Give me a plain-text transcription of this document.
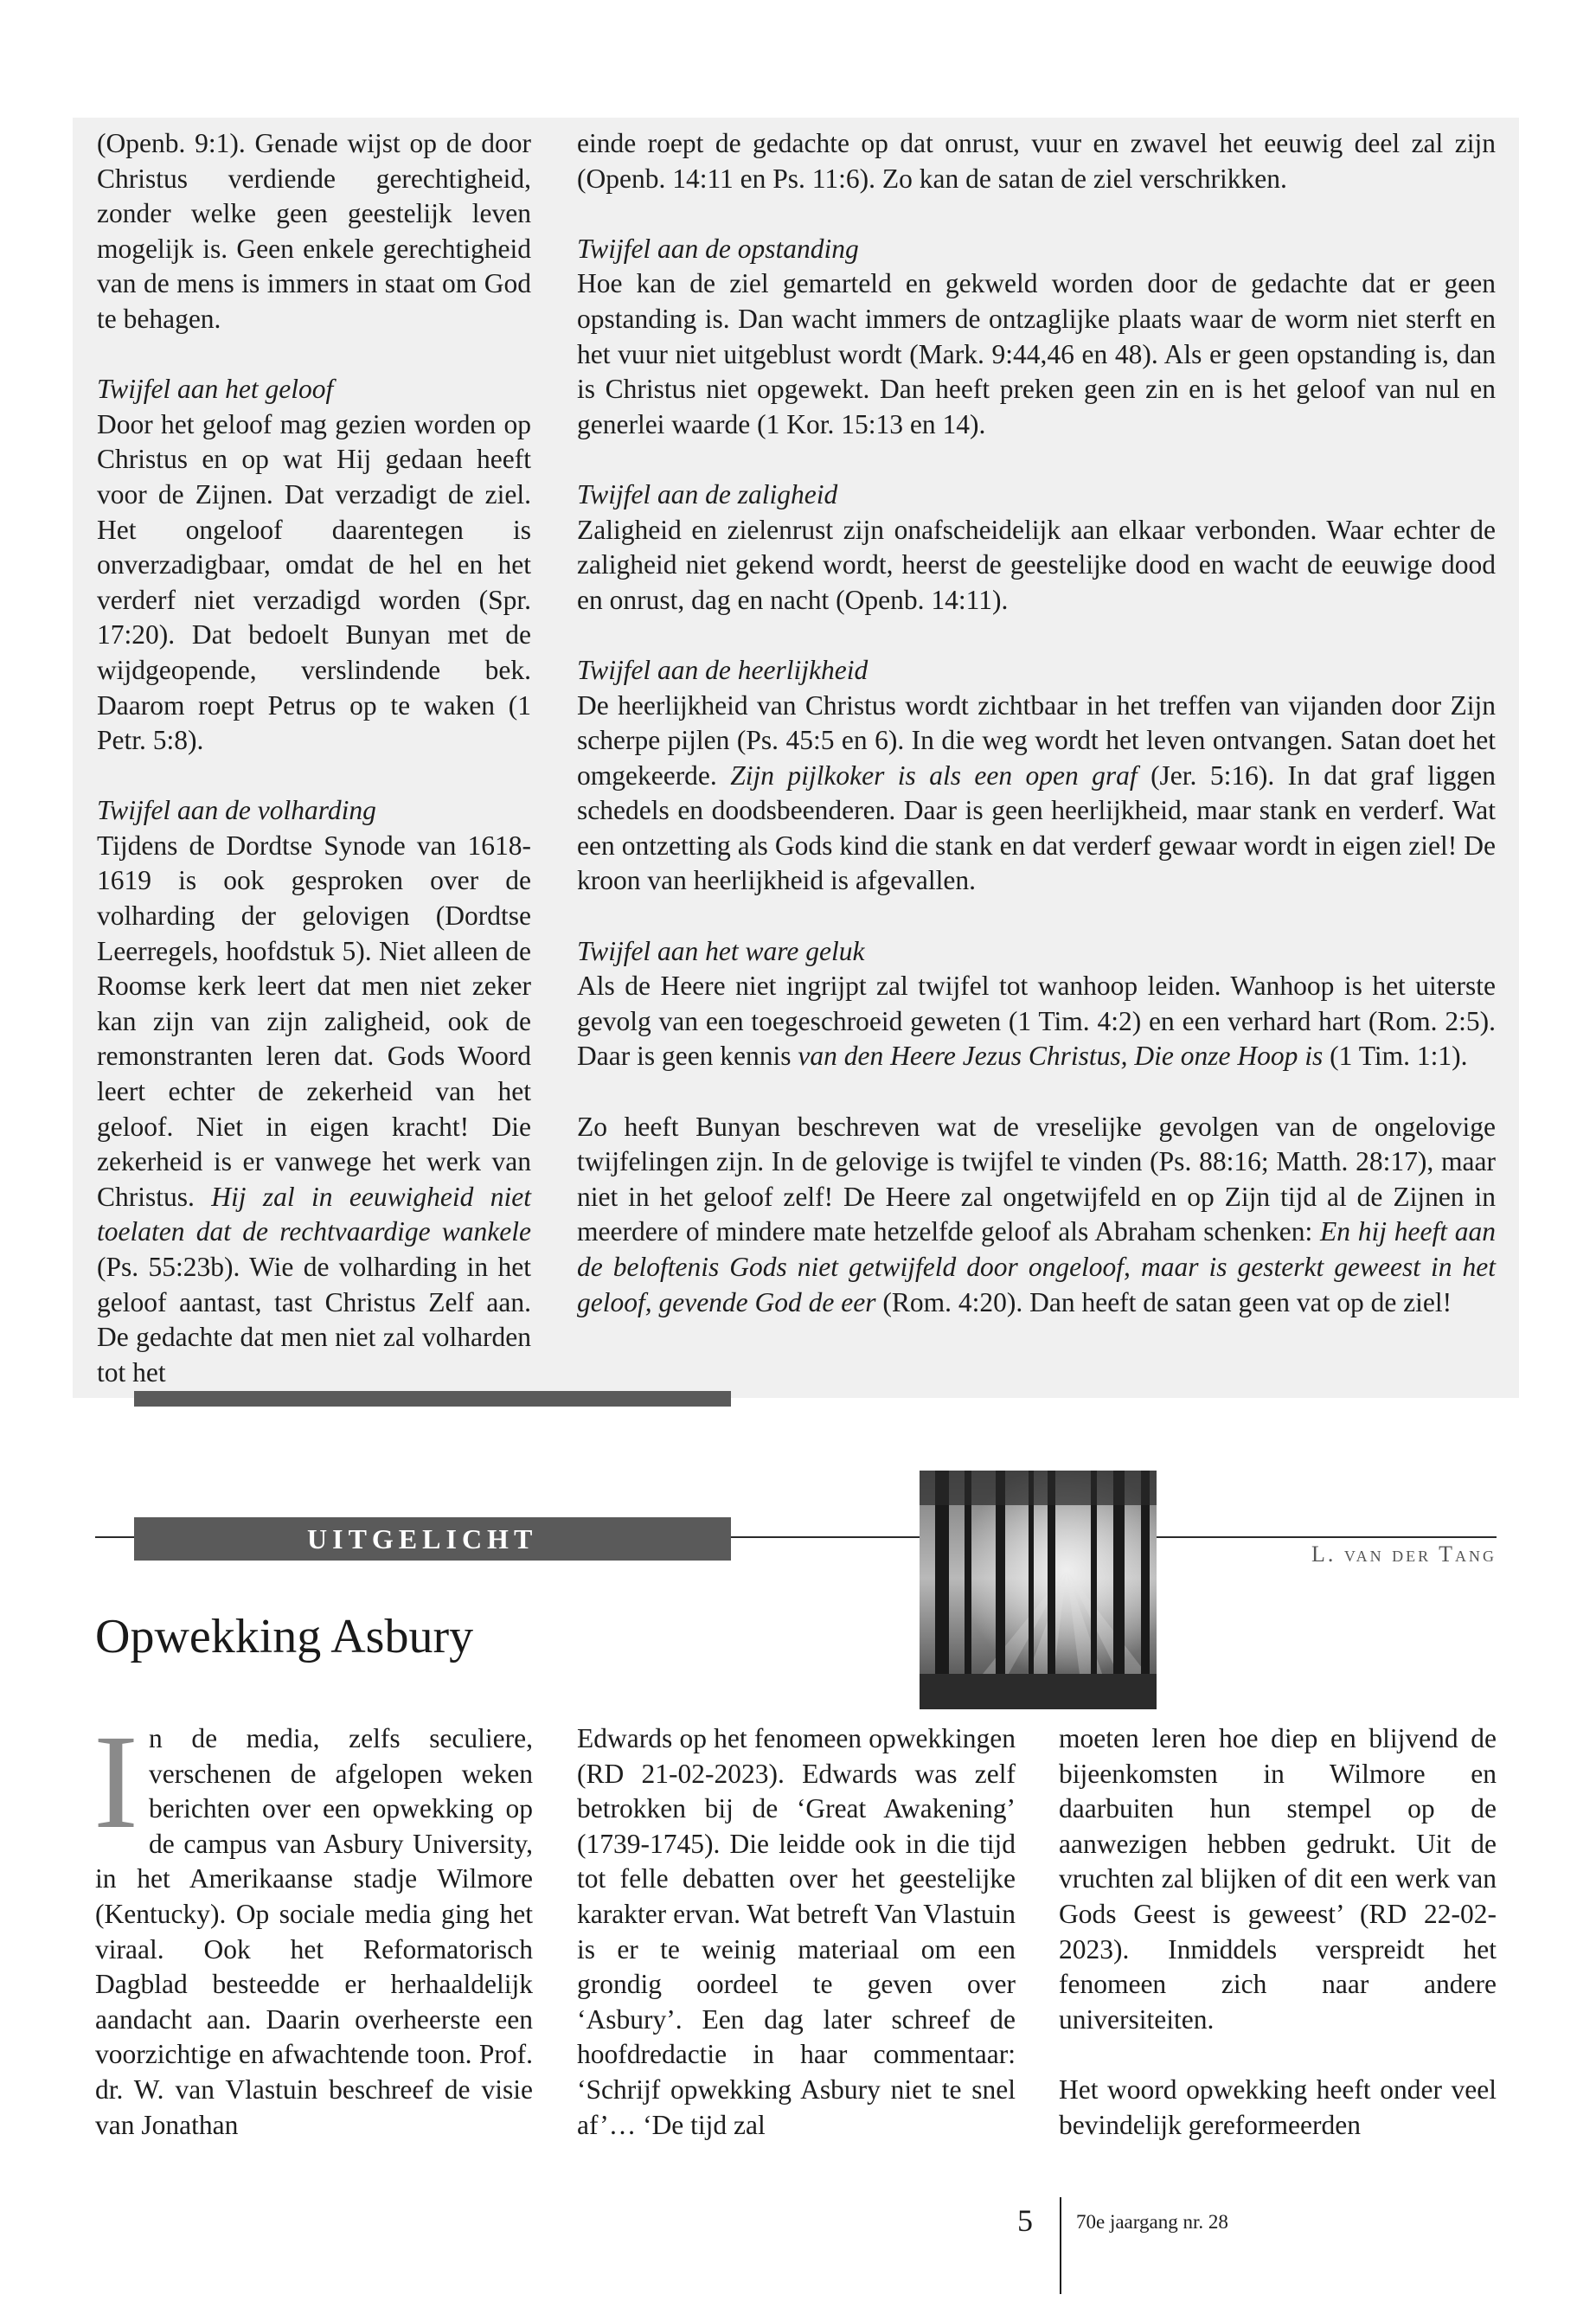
(Openb. 9:1). Genade wijst op de door Christus verdiende gerechtigheid, zonder welke geen geestelijk leven mogelijk is. Geen enkele gerechtigheid van de mens is immers in staat om God te behagen.

Twijfel aan het geloof

Door het geloof mag gezien worden op Christus en op wat Hij gedaan heeft voor de Zijnen. Dat verzadigt de ziel. Het ongeloof daarentegen is onverzadigbaar, omdat de hel en het verderf niet verzadigd worden (Spr. 17:20). Dat bedoelt Bunyan met de wijdgeopende, verslindende bek. Daarom roept Petrus op te waken (1 Petr. 5:8).

Twijfel aan de volharding

Tijdens de Dordtse Synode van 1618-1619 is ook gesproken over de volharding der gelovigen (Dordtse Leerregels, hoofdstuk 5). Niet alleen de Roomse kerk leert dat men niet zeker kan zijn van zijn zaligheid, ook de remonstranten leren dat. Gods Woord leert echter de zekerheid van het geloof. Niet in eigen kracht! Die zekerheid is er vanwege het werk van Christus. Hij zal in eeuwigheid niet toelaten dat de rechtvaardige wankele (Ps. 55:23b). Wie de volharding in het geloof aantast, tast Christus Zelf aan. De gedachte dat men niet zal volharden tot het

einde roept de gedachte op dat onrust, vuur en zwavel het eeuwig deel zal zijn (Openb. 14:11 en Ps. 11:6). Zo kan de satan de ziel verschrikken.

Twijfel aan de opstanding

Hoe kan de ziel gemarteld en gekweld worden door de gedachte dat er geen opstanding is. Dan wacht immers de ontzaglijke plaats waar de worm niet sterft en het vuur niet uitgeblust wordt (Mark. 9:44,46 en 48). Als er geen opstanding is, dan is Christus niet opgewekt. Dan heeft preken geen zin en is het geloof van nul en generlei waarde (1 Kor. 15:13 en 14).

Twijfel aan de zaligheid

Zaligheid en zielenrust zijn onafscheidelijk aan elkaar verbonden. Waar echter de zaligheid niet gekend wordt, heerst de geestelijke dood en wacht de eeuwige dood en onrust, dag en nacht (Openb. 14:11).

Twijfel aan de heerlijkheid

De heerlijkheid van Christus wordt zichtbaar in het treffen van vijanden door Zijn scherpe pijlen (Ps. 45:5 en 6). In die weg wordt het leven ontvangen. Satan doet het omgekeerde. Zijn pijlkoker is als een open graf (Jer. 5:16). In dat graf liggen schedels en doodsbeenderen. Daar is geen heerlijkheid, maar stank en verderf. Wat een ontzetting als Gods kind die stank en dat verderf gewaar wordt in eigen ziel! De kroon van heerlijkheid is afgevallen.

Twijfel aan het ware geluk

Als de Heere niet ingrijpt zal twijfel tot wanhoop leiden. Wanhoop is het uiterste gevolg van een toegeschroeid geweten (1 Tim. 4:2) en een verhard hart (Rom. 2:5). Daar is geen kennis van den Heere Jezus Christus, Die onze Hoop is (1 Tim. 1:1).

Zo heeft Bunyan beschreven wat de vreselijke gevolgen van de ongelovige twijfelingen zijn. In de gelovige is twijfel te vinden (Ps. 88:16; Matth. 28:17), maar niet in het geloof zelf! De Heere zal ongetwijfeld en op Zijn tijd al de Zijnen in meerdere of mindere mate hetzelfde geloof als Abraham schenken: En hij heeft aan de beloftenis Gods niet getwijfeld door ongeloof, maar is gesterkt geweest in het geloof, gevende God de eer (Rom. 4:20). Dan heeft de satan geen vat op de ziel!

UITGELICHT	L. van der Tang
Opwekking Asbury
I n de media, zelfs seculiere, verschenen de afgelopen weken berichten over een opwekking op de campus van Asbury University, in het Amerikaanse stadje Wilmore (Kentucky). Op sociale media ging het viraal. Ook het Reformatorisch Dagblad besteedde er herhaaldelijk aandacht aan. Daarin overheerste een voorzichtige en afwachtende toon. Prof. dr. W. van Vlastuin beschreef de visie van Jonathan

Edwards op het fenomeen opwekkingen (RD 21-02-2023). Edwards was zelf betrokken bij de ‘Great Awakening’ (1739-1745). Die leidde ook in die tijd tot felle debatten over het geestelijke karakter ervan. Wat betreft Van Vlastuin is er te weinig materiaal om een grondig oordeel te geven over ‘Asbury’. Een dag later schreef de hoofdredactie in haar commentaar: ‘Schrijf opwekking Asbury niet te snel af’… ‘De tijd zal

moeten leren hoe diep en blijvend de bijeenkomsten in Wilmore en daarbuiten hun stempel op de aanwezigen hebben gedrukt. Uit de vruchten zal blijken of dit een werk van Gods Geest is geweest’ (RD 22-02-2023). Inmiddels verspreidt het fenomeen zich naar andere universiteiten.

Het woord opwekking heeft onder veel bevindelijk gereformeerden

5 70e jaargang nr. 28
